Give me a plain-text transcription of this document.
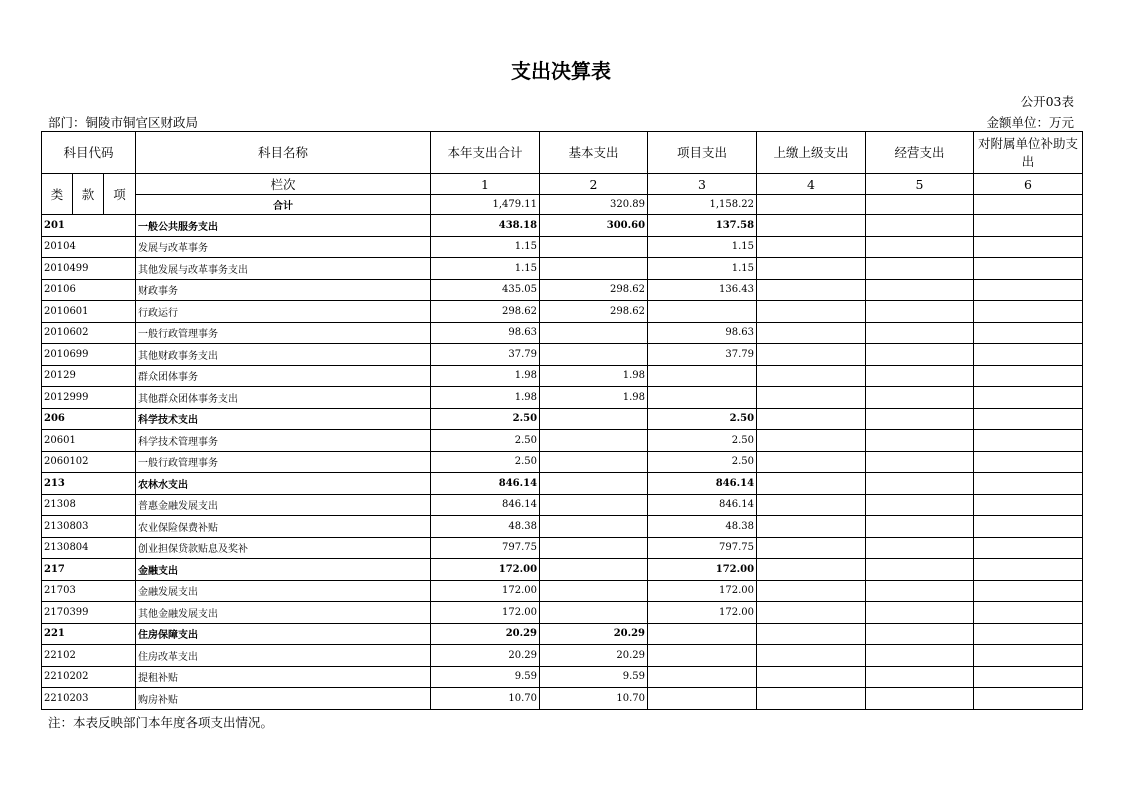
支出决算表
公开03表
部门：铜陵市铜官区财政局	金额单位：万元
科目代码			科目名称	本年支出合计	基本支出	项目支出	上缴上级支出	经营支出	对附属单位补助支出
类	款	项	栏次	1	2	3	4	5	6
			合计	1,479.11	320.89	1,158.22			
201			一般公共服务支出	438.18	300.60	137.58			
20104			发展与改革事务	1.15		1.15			
2010499			其他发展与改革事务支出	1.15		1.15			
20106			财政事务	435.05	298.62	136.43			
2010601			行政运行	298.62	298.62				
2010602			一般行政管理事务	98.63		98.63			
2010699			其他财政事务支出	37.79		37.79			
20129			群众团体事务	1.98	1.98				
2012999			其他群众团体事务支出	1.98	1.98				
206			科学技术支出	2.50		2.50			
20601			科学技术管理事务	2.50		2.50			
2060102			一般行政管理事务	2.50		2.50			
213			农林水支出	846.14		846.14			
21308			普惠金融发展支出	846.14		846.14			
2130803			农业保险保费补贴	48.38		48.38			
2130804			创业担保贷款贴息及奖补	797.75		797.75			
217			金融支出	172.00		172.00			
21703			金融发展支出	172.00		172.00			
2170399			其他金融发展支出	172.00		172.00			
221			住房保障支出	20.29	20.29				
22102			住房改革支出	20.29	20.29				
2210202			提租补贴	9.59	9.59				
2210203			购房补贴	10.70	10.70				
注：本表反映部门本年度各项支出情况。
